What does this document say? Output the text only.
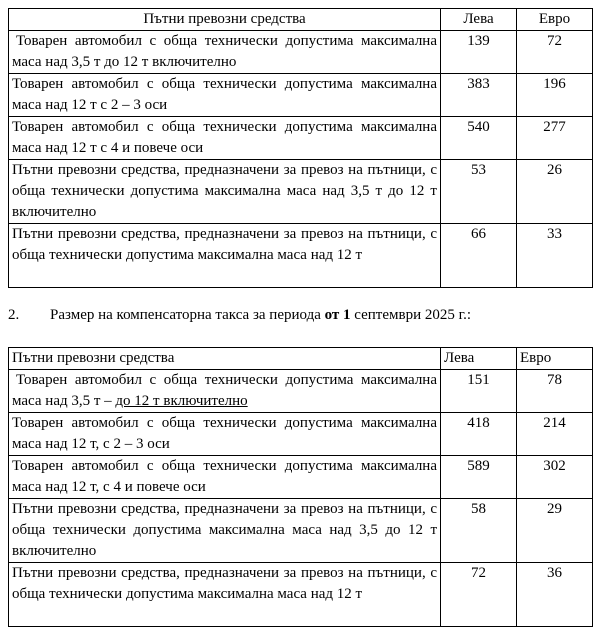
Пътни превозни средства	Лева	Евро
Товарен автомобил с обща технически допустима максимална маса над 3,5 т до 12 т включително	139	72
Товарен автомобил с обща технически допустима максимална маса над 12 т с 2 – 3 оси	383	196
Товарен автомобил с обща технически допустима максимална маса над 12 т с 4 и повече оси	540	277
Пътни превозни средства, предназначени за превоз на пътници, с обща технически допустима максимална маса над 3,5 т до 12 т включително	53	26
Пътни превозни средства, предназначени за превоз на пътници, с обща технически допустима максимална маса над 12 т	66	33
2. Размер на компенсаторна такса за периода от 1 септември 2025 г.:
Пътни превозни средства	Лева	Евро
Товарен автомобил с обща технически допустима максимална маса над 3,5 т – до 12 т включително	151	78
Товарен автомобил с обща технически допустима максимална маса над 12 т, с 2 – 3 оси	418	214
Товарен автомобил с обща технически допустима максимална маса над 12 т, с 4 и повече оси	589	302
Пътни превозни средства, предназначени за превоз на пътници, с обща технически допустима максимална маса над 3,5 до 12 т включително	58	29
Пътни превозни средства, предназначени за превоз на пътници, с обща технически допустима максимална маса над 12 т	72	36
